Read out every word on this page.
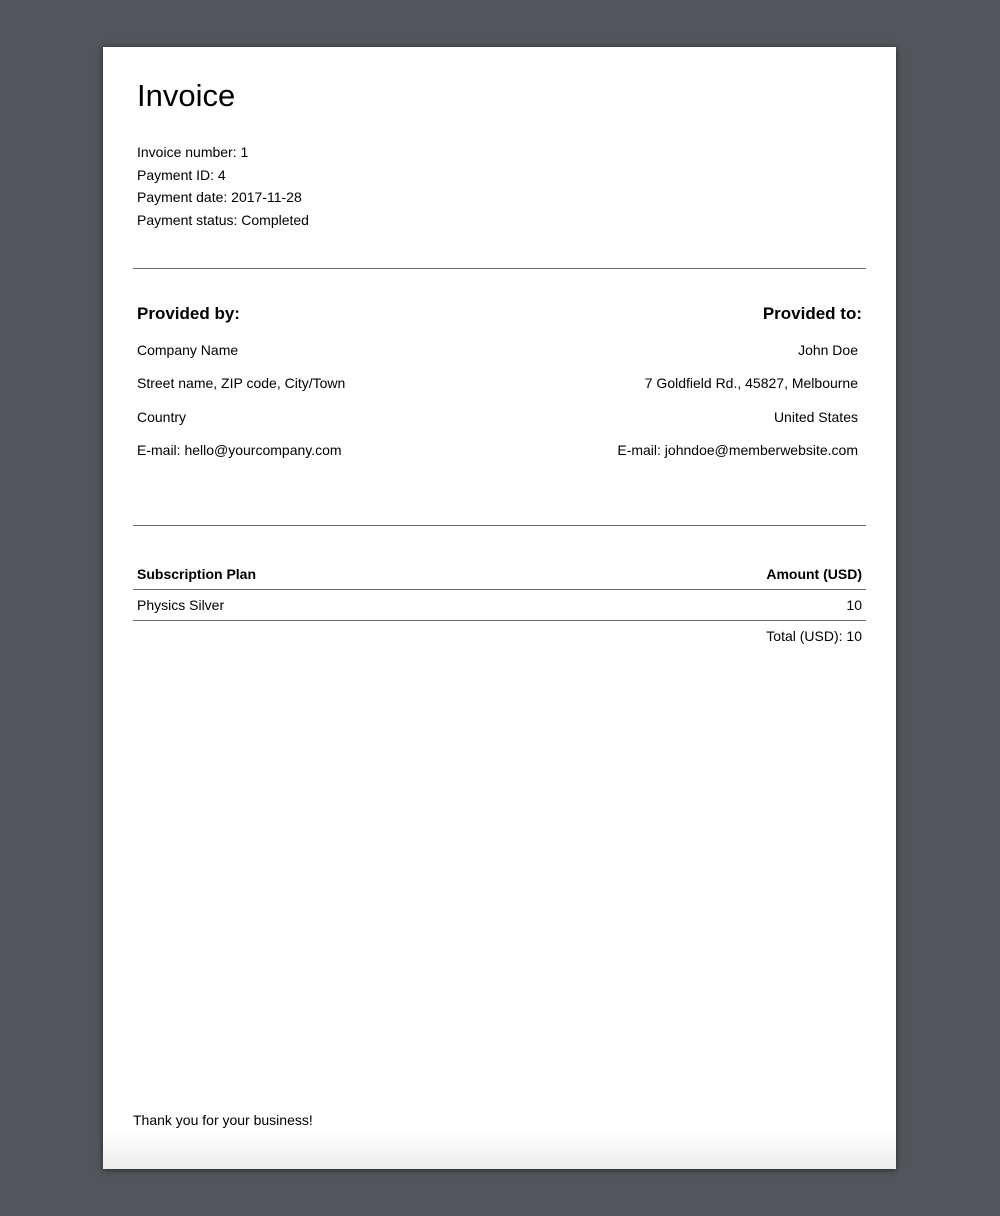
Invoice
Invoice number: 1
Payment ID: 4
Payment date: 2017-11-28
Payment status: Completed
Provided by:
Company Name
Street name, ZIP code, City/Town
Country
E-mail: hello@yourcompany.com
Provided to:
John Doe
7 Goldfield Rd., 45827, Melbourne
United States
E-mail: johndoe@memberwebsite.com
Subscription Plan	Amount (USD)
Physics Silver	10
Total (USD): 10
Thank you for your business!
